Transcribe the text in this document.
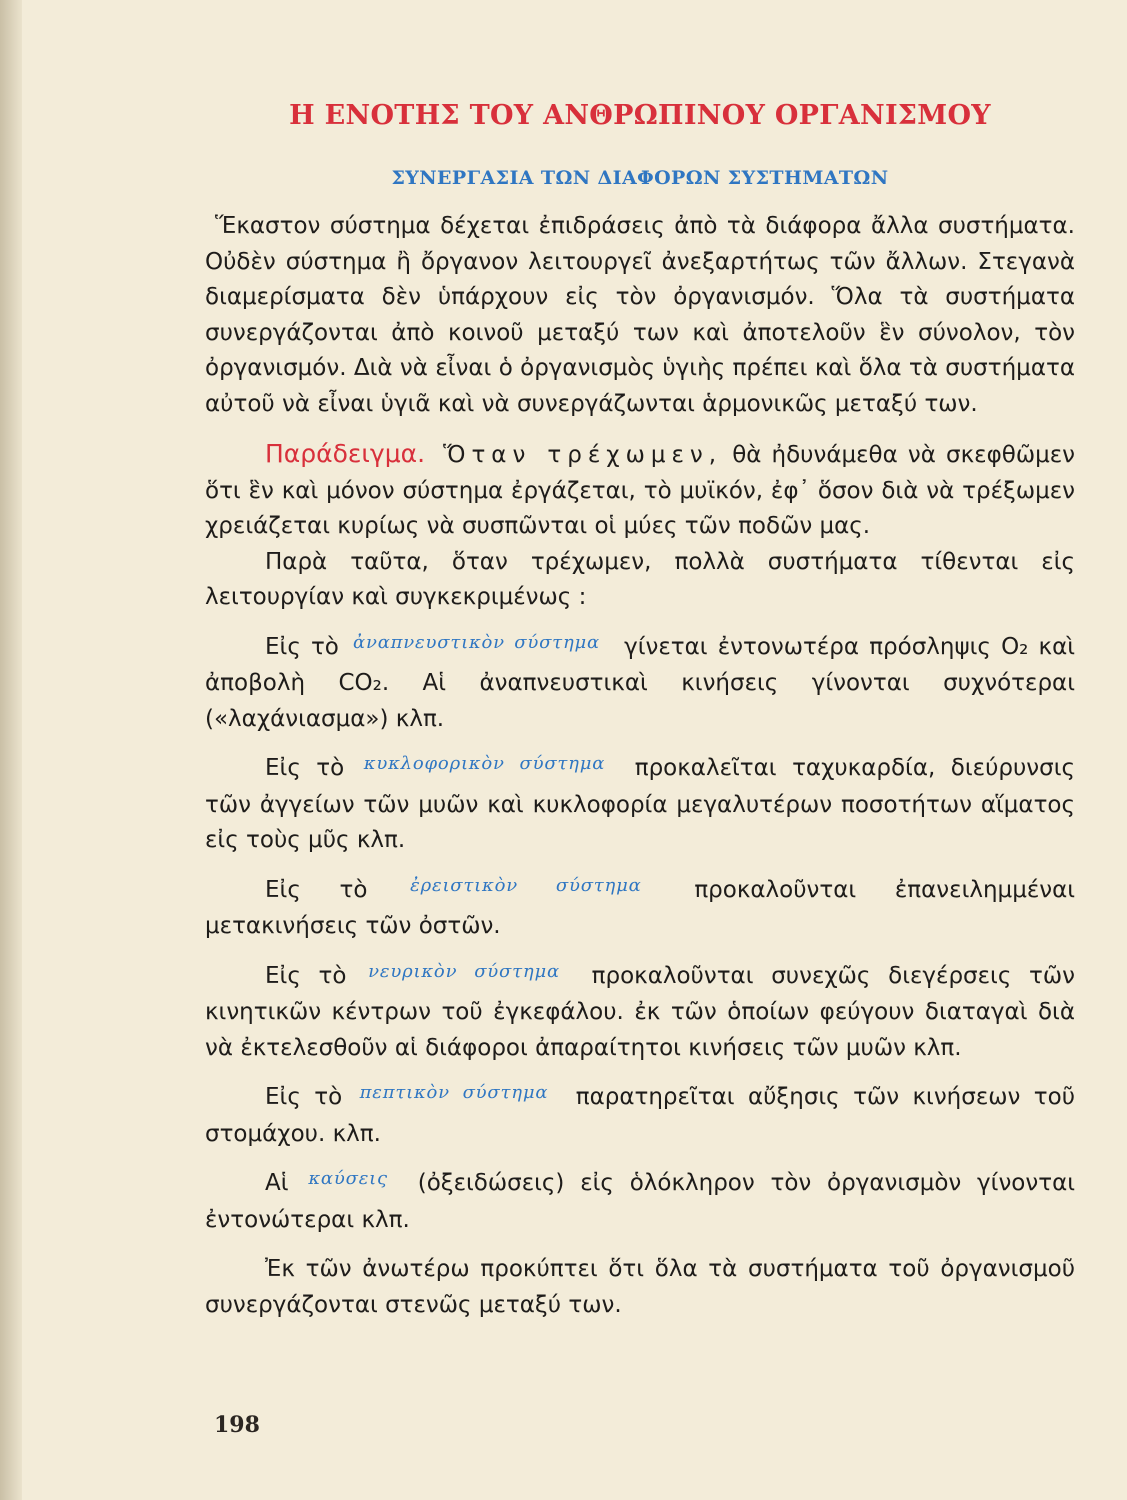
Η ΕΝΟΤΗΣ ΤΟΥ ΑΝΘΡΩΠΙΝΟΥ ΟΡΓΑΝΙΣΜΟΥ
ΣΥΝΕΡΓΑΣΙΑ ΤΩΝ ΔΙΑΦΟΡΩΝ ΣΥΣΤΗΜΑΤΩΝ

Ἕκαστον σύστημα δέχεται ἐπιδράσεις ἀπὸ τὰ διάφορα ἄλλα συστήματα. Οὐδὲν σύστημα ἢ ὄργανον λειτουργεῖ ἀνεξαρτήτως τῶν ἄλλων. Στεγανὰ διαμερίσματα δὲν ὑπάρχουν εἰς τὸν ὀργανισμόν. Ὅλα τὰ συστήματα συνεργάζονται ἀπὸ κοινοῦ μεταξύ των καὶ ἀποτελοῦν ἓν σύνολον, τὸν ὀργανισμόν. Διὰ νὰ εἶναι ὁ ὀργανισμὸς ὑγιὴς πρέπει καὶ ὅλα τὰ συστήματα αὐτοῦ νὰ εἶναι ὑγιᾶ καὶ νὰ συνεργάζωνται ἁρμονικῶς μεταξύ των.

Παράδειγμα. Ὅταν τρέχωμεν, θὰ ἠδυνάμεθα νὰ σκεφθῶμεν ὅτι ἓν καὶ μόνον σύστημα ἐργάζεται, τὸ μυϊκόν, ἐφ᾽ ὅσον διὰ νὰ τρέξωμεν χρειάζεται κυρίως νὰ συσπῶνται οἱ μύες τῶν ποδῶν μας.

Παρὰ ταῦτα, ὅταν τρέχωμεν, πολλὰ συστήματα τίθενται εἰς λειτουργίαν καὶ συγκεκριμένως :

Εἰς τὸ $^{ἀ\nu\alpha\pi\nu\varepsilon\upsilon\sigma\tau\iota\kappa ὸ\nu \sigma ύ\sigma\tau\eta\mu\alpha}$ γίνεται ἐντονωτέρα πρόσληψις O₂ καὶ ἀποβολὴ CO₂. Αἱ ἀναπνευστικαὶ κινήσεις γίνονται συχνότεραι («λαχάνιασμα») κλπ.

Εἰς τὸ $^{\kappa\upsilon\kappa\lambda o\varphi o\rho\iota\kappa ὸ\nu \sigma ύ\sigma\tau\eta\mu\alpha}$ προκαλεῖται ταχυκαρδία, διεύρυνσις τῶν ἀγγείων τῶν μυῶν καὶ κυκλοφορία μεγαλυτέρων ποσοτήτων αἵματος εἰς τοὺς μῦς κλπ.

Εἰς τὸ $^{ἐ\rho\varepsilon\iota\sigma\tau\iota\kappa ὸ\nu \sigma ύ\sigma\tau\eta\mu\alpha}$ προκαλοῦνται ἐπανειλημμέναι μετακινήσεις τῶν ὀστῶν.

Εἰς τὸ $^{\nu\varepsilon\upsilon\rho\iota\kappa ὸ\nu \sigma ύ\sigma\tau\eta\mu\alpha}$ προκαλοῦνται συνεχῶς διεγέρσεις τῶν κινητικῶν κέντρων τοῦ ἐγκεφάλου. ἐκ τῶν ὁποίων φεύγουν διαταγαὶ διὰ νὰ ἐκτελεσθοῦν αἱ διάφοροι ἀπαραίτητοι κινήσεις τῶν μυῶν κλπ.

Εἰς τὸ $^{\pi\varepsilon\pi\tau\iota\kappa ὸ\nu \sigma ύ\sigma\tau\eta\mu\alpha}$ παρατηρεῖται αὔξησις τῶν κινήσεων τοῦ στομάχου. κλπ.

Αἱ $^{\kappa\alpha ύ\sigma\varepsilon\iota\varsigma}$ (ὀξειδώσεις) εἰς ὁλόκληρον τὸν ὀργανισμὸν γίνονται ἐντονώτεραι κλπ.

Ἐκ τῶν ἀνωτέρω προκύπτει ὅτι ὅλα τὰ συστήματα τοῦ ὀργανισμοῦ συνεργάζονται στενῶς μεταξύ των.

198
